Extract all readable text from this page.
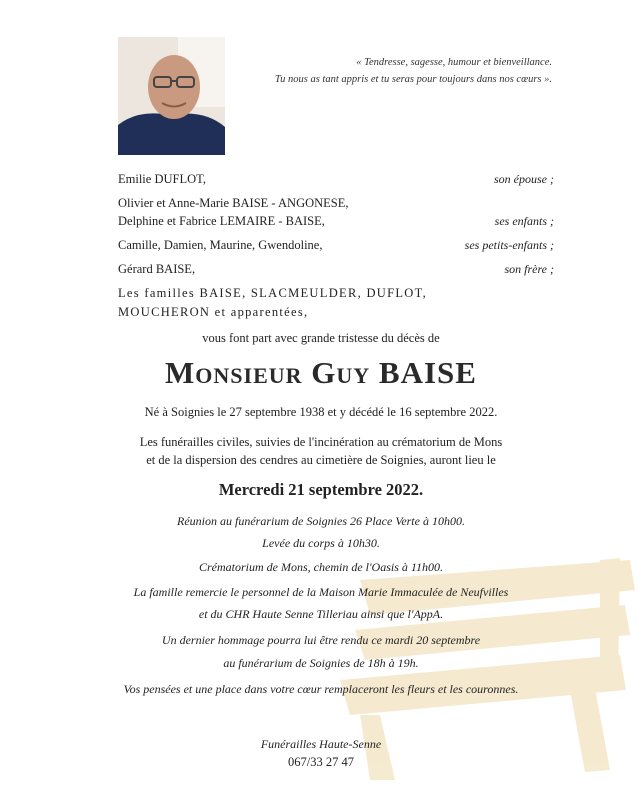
« Tendresse, sagesse, humour et bienveillance.
Tu nous as tant appris et tu seras pour toujours dans nos cœurs ».
Emilie DUFLOT,	son épouse ;
Olivier et Anne-Marie BAISE - ANGONESE,
Delphine et Fabrice LEMAIRE - BAISE,	ses enfants ;
Camille, Damien, Maurine, Gwendoline,	ses petits-enfants ;
Gérard BAISE,	son frère ;
Les familles BAISE, SLACMEULDER, DUFLOT,
MOUCHERON et apparentées,
vous font part avec grande tristesse du décès de
Monsieur Guy BAISE
Né à Soignies le 27 septembre 1938 et y décédé le 16 septembre 2022.
Les funérailles civiles, suivies de l'incinération au crématorium de Mons
et de la dispersion des cendres au cimetière de Soignies, auront lieu le
Mercredi 21 septembre 2022.
Réunion au funérarium de Soignies 26 Place Verte à 10h00.
Levée du corps à 10h30.
Crématorium de Mons, chemin de l'Oasis à 11h00.
La famille remercie le personnel de la Maison Marie Immaculée de Neufvilles
et du CHR Haute Senne Tilleriau ainsi que l'AppA.
Un dernier hommage pourra lui être rendu ce mardi 20 septembre
au funérarium de Soignies de 18h à 19h.
Vos pensées et une place dans votre cœur remplaceront les fleurs et les couronnes.
Funérailles Haute-Senne
067/33 27 47
